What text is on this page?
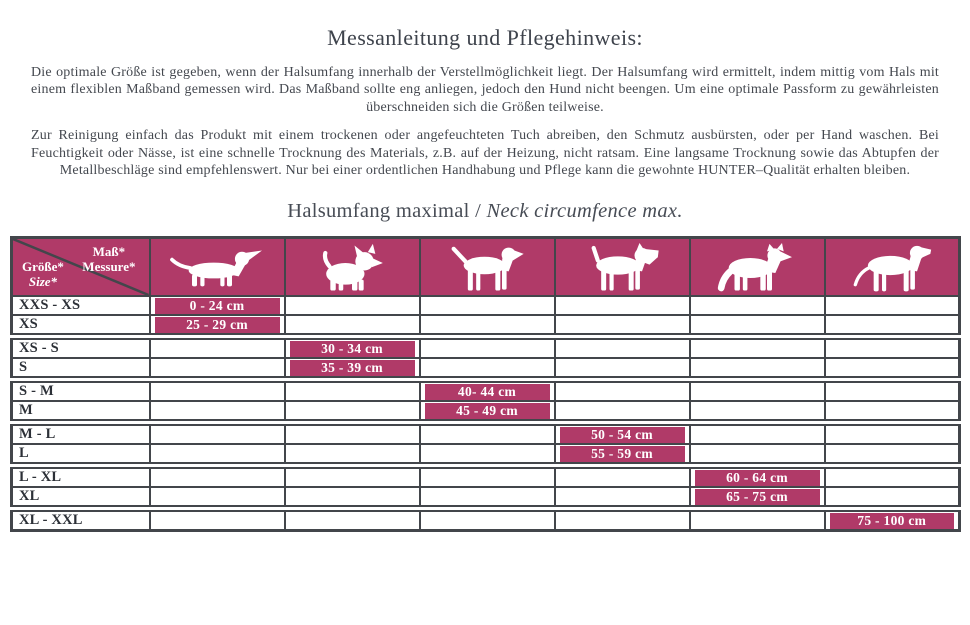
Messanleitung und Pflegehinweis:

Die optimale Größe ist gegeben, wenn der Halsumfang innerhalb der Verstellmöglichkeit liegt. Der Halsumfang wird ermittelt, indem mittig vom Hals mit einem flexiblen Maßband gemessen wird. Das Maßband sollte eng anliegen, jedoch den Hund nicht beengen. Um eine optimale Passform zu gewährleisten überschneiden sich die Größen teilweise.

Zur Reinigung einfach das Produkt mit einem trockenen oder angefeuchteten Tuch abreiben, den Schmutz ausbürsten, oder per Hand waschen. Bei Feuchtigkeit oder Nässe, ist eine schnelle Trocknung des Materials, z.B. auf der Heizung, nicht ratsam. Eine langsame Trocknung sowie das Abtupfen der Metallbeschläge sind empfehlenswert. Nur bei einer ordentlichen Handhabung und Pflege kann die gewohnte HUNTER–Qualität erhalten bleiben.

Halsumfang maximal / Neck circumfence max.
Maß*
Messure*
Größe*
Size*

XXS - XS	0 - 24 cm					

XS	25 - 29 cm					

XS - S		30 - 34 cm				

S		35 - 39 cm				

S - M			40- 44 cm			

M			45 - 49 cm			

M - L				50 - 54 cm		

L				55 - 59 cm		

L - XL					60 - 64 cm	

XL					65 - 75 cm	

XL - XXL						75 - 100 cm
